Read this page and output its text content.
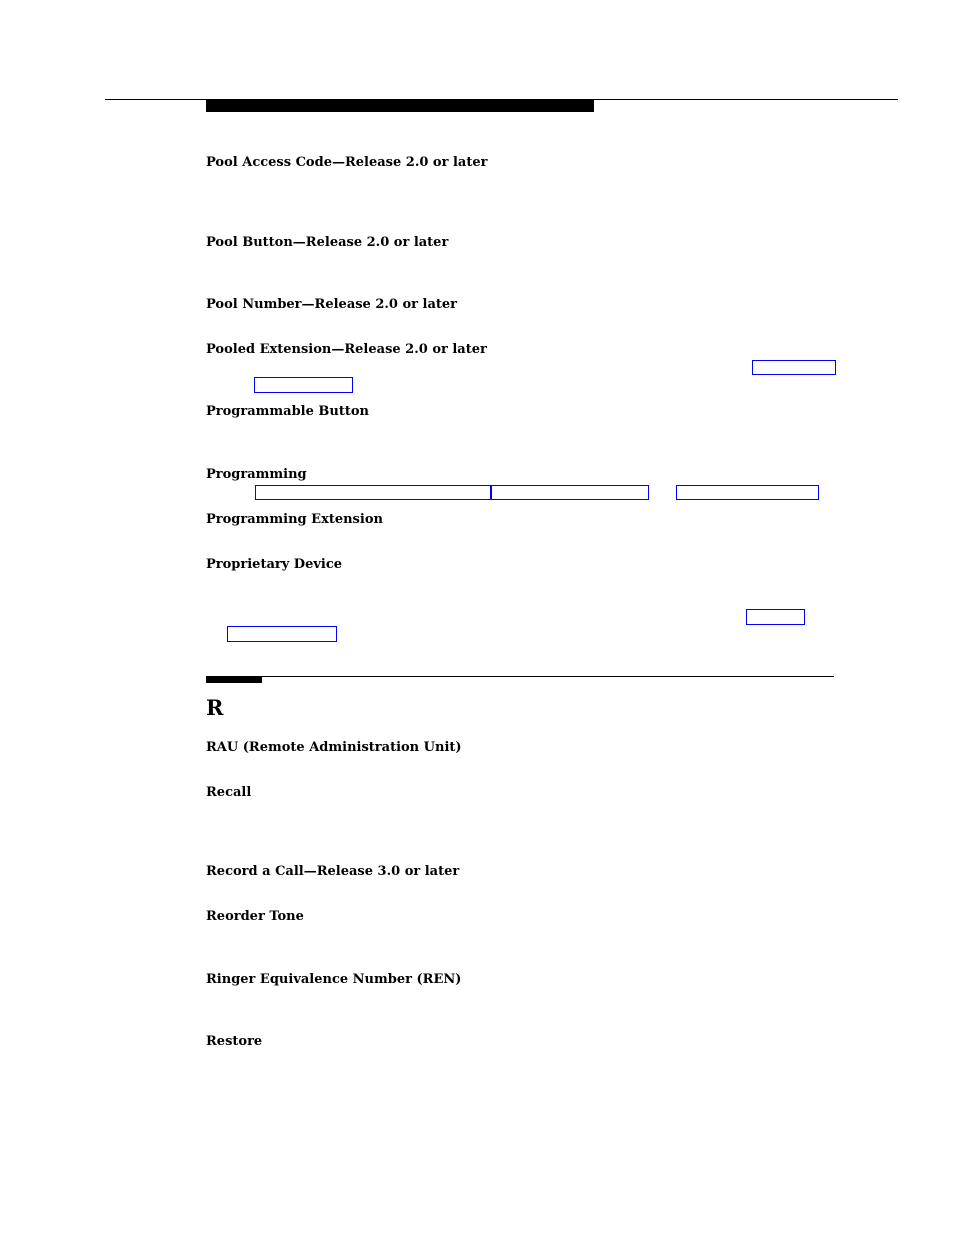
Pool Access Code—Release 2.0 or later
Pool Button—Release 2.0 or later
Pool Number—Release 2.0 or later
Pooled Extension—Release 2.0 or later
Programmable Button
Programming
Programming Extension
Proprietary Device
R
RAU (Remote Administration Unit)
Recall
Record a Call—Release 3.0 or later
Reorder Tone
Ringer Equivalence Number (REN)
Restore
